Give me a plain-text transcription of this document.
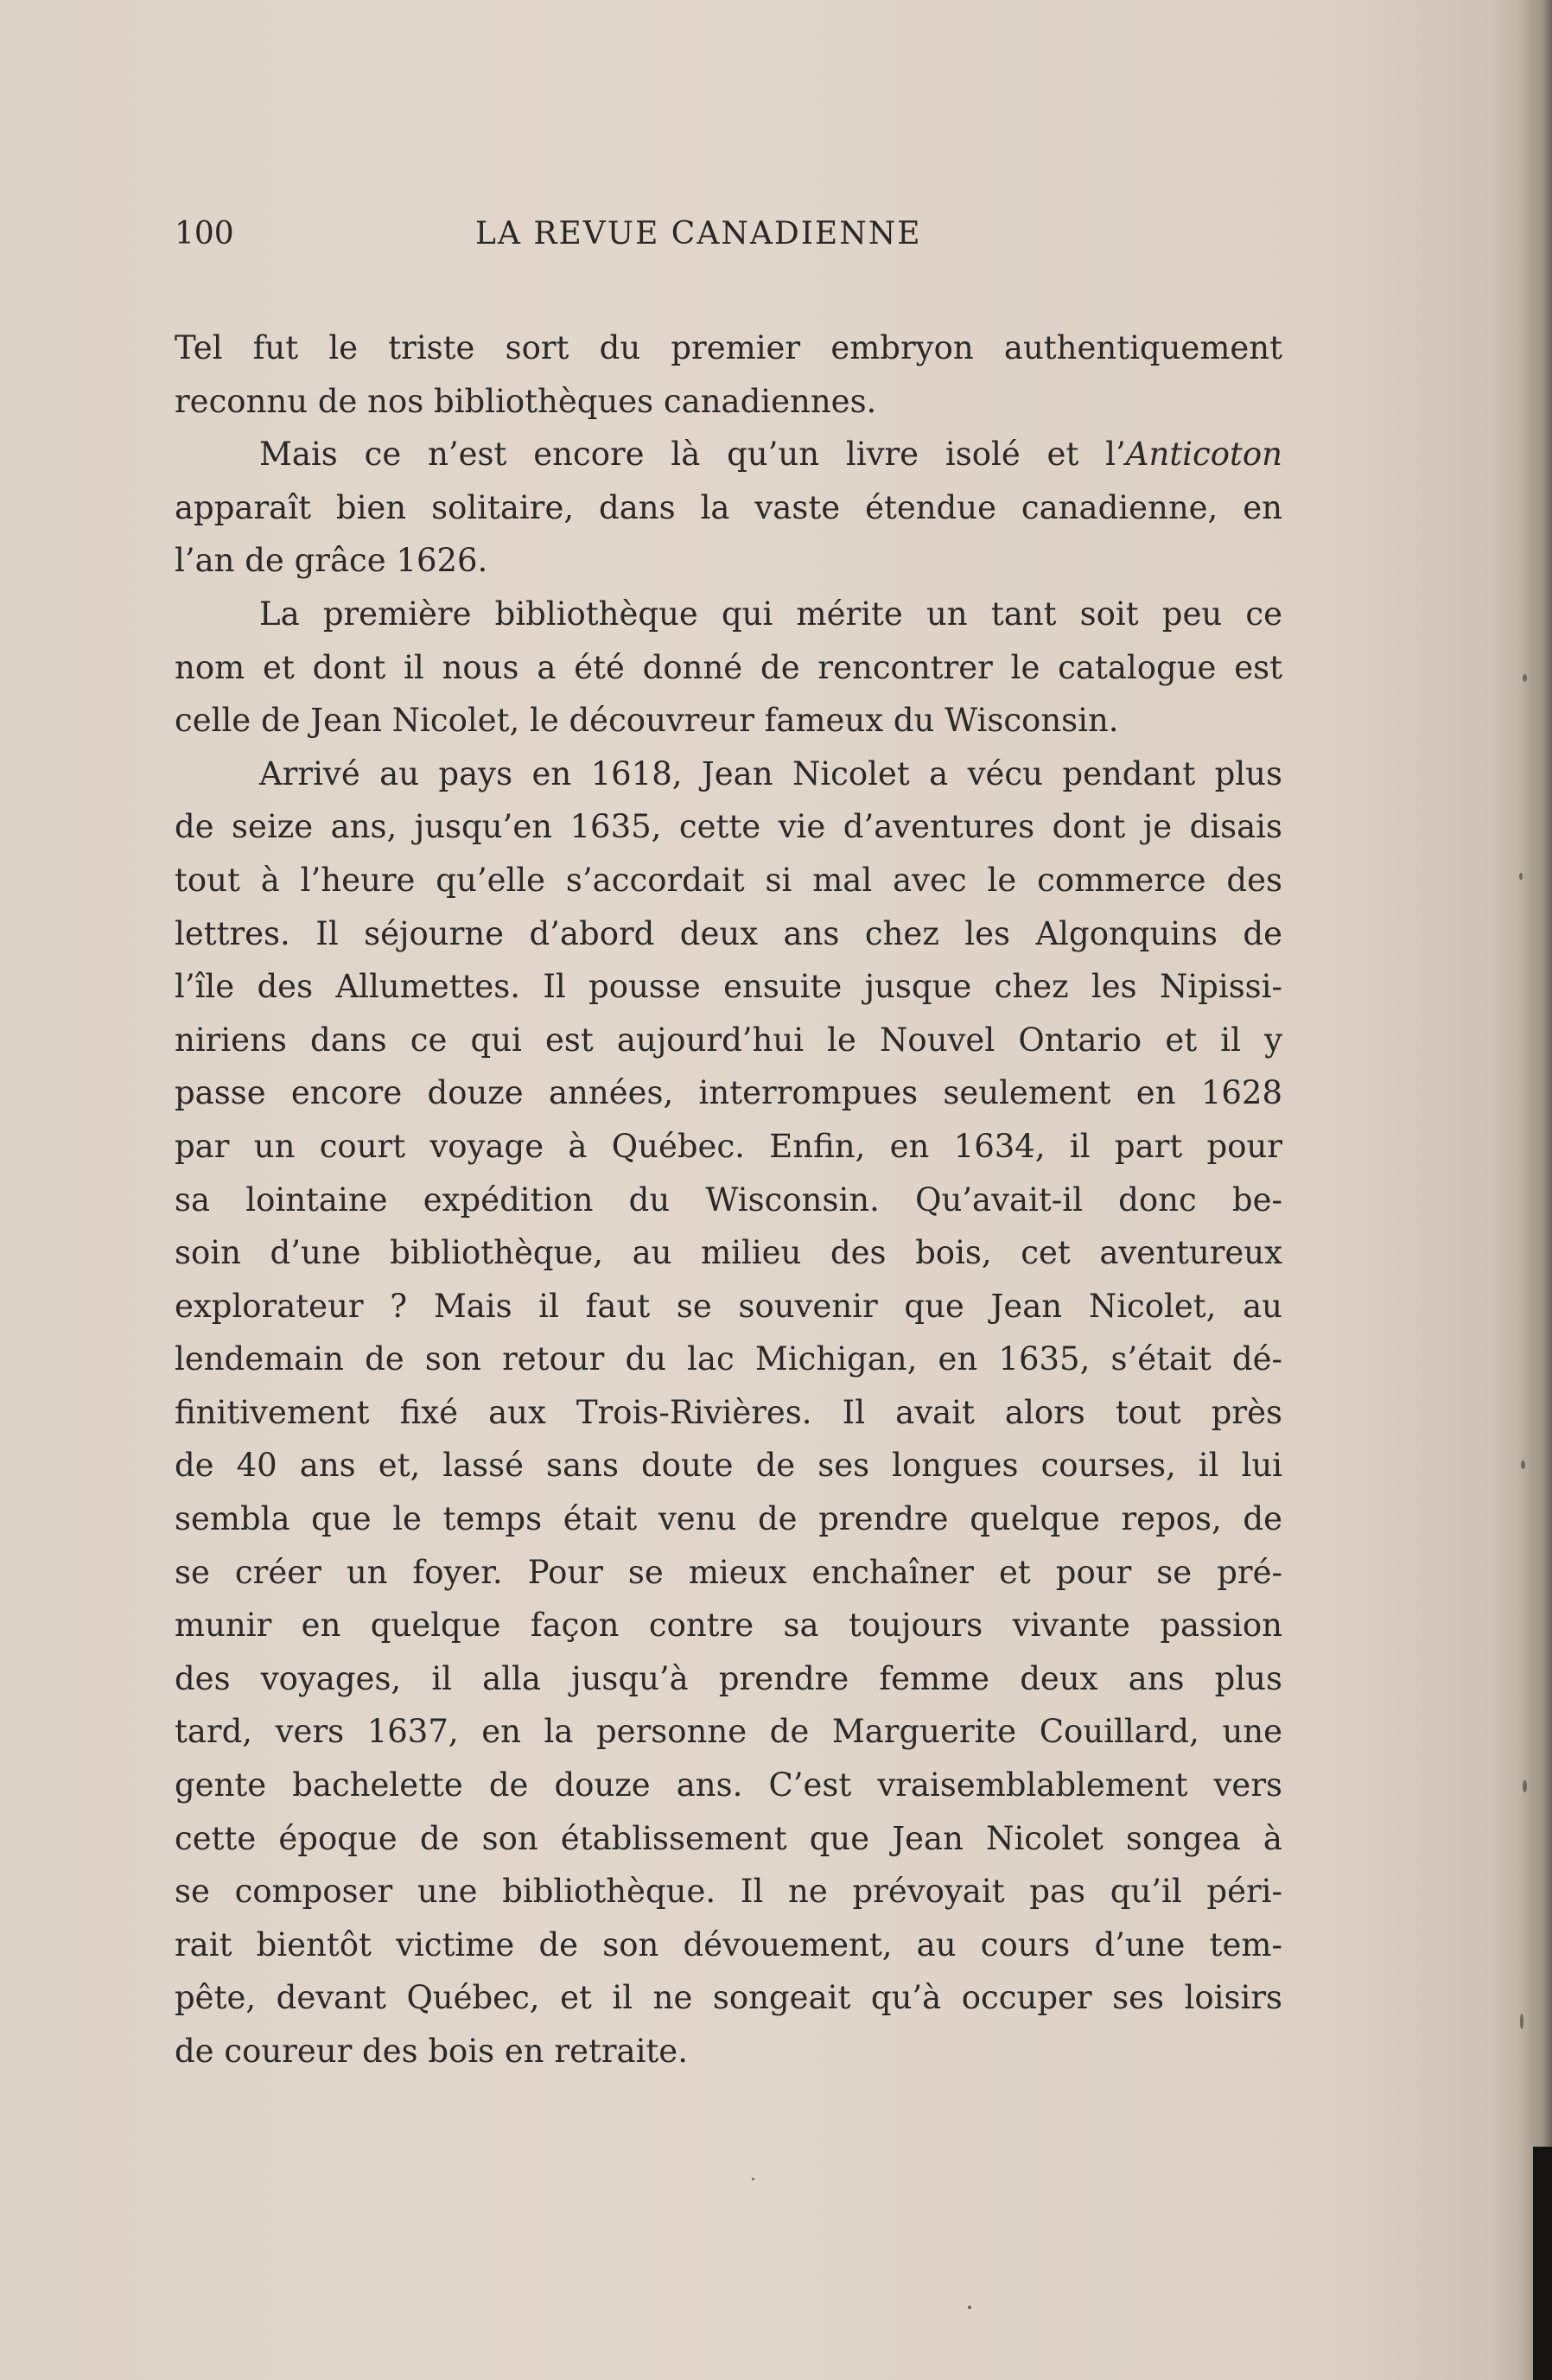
100	LA REVUE CANADIENNE
Tel fut le triste sort du premier embryon authentiquement
reconnu de nos bibliothèques canadiennes.
Mais ce n’est encore là qu’un livre isolé et l’Anticoton
apparaît bien solitaire, dans la vaste étendue canadienne, en
l’an de grâce 1626.
La première bibliothèque qui mérite un tant soit peu ce
nom et dont il nous a été donné de rencontrer le catalogue est
celle de Jean Nicolet, le découvreur fameux du Wisconsin.
Arrivé au pays en 1618, Jean Nicolet a vécu pendant plus
de seize ans, jusqu’en 1635, cette vie d’aventures dont je disais
tout à l’heure qu’elle s’accordait si mal avec le commerce des
lettres. Il séjourne d’abord deux ans chez les Algonquins de
l’île des Allumettes. Il pousse ensuite jusque chez les Nipissi-
niriens dans ce qui est aujourd’hui le Nouvel Ontario et il y
passe encore douze années, interrompues seulement en 1628
par un court voyage à Québec. Enfin, en 1634, il part pour
sa lointaine expédition du Wisconsin. Qu’avait-il donc be-
soin d’une bibliothèque, au milieu des bois, cet aventureux
explorateur ? Mais il faut se souvenir que Jean Nicolet, au
lendemain de son retour du lac Michigan, en 1635, s’était dé-
finitivement fixé aux Trois-Rivières. Il avait alors tout près
de 40 ans et, lassé sans doute de ses longues courses, il lui
sembla que le temps était venu de prendre quelque repos, de
se créer un foyer. Pour se mieux enchaîner et pour se pré-
munir en quelque façon contre sa toujours vivante passion
des voyages, il alla jusqu’à prendre femme deux ans plus
tard, vers 1637, en la personne de Marguerite Couillard, une
gente bachelette de douze ans. C’est vraisemblablement vers
cette époque de son établissement que Jean Nicolet songea à
se composer une bibliothèque. Il ne prévoyait pas qu’il péri-
rait bientôt victime de son dévouement, au cours d’une tem-
pête, devant Québec, et il ne songeait qu’à occuper ses loisirs
de coureur des bois en retraite.
